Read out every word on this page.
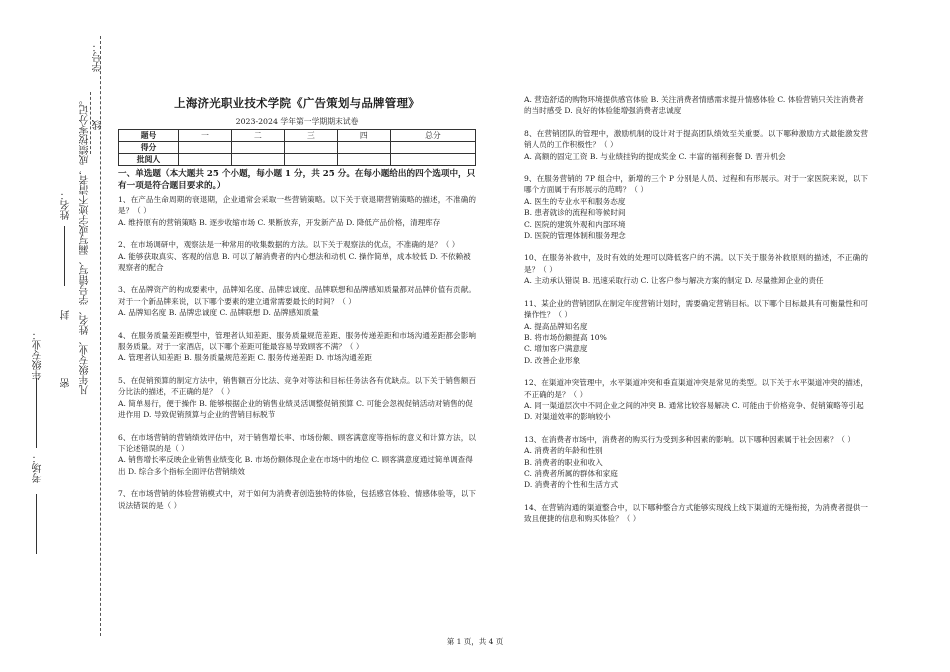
学号：
凡年级专业、姓名、学号错写、漏写或字迹不清者，成绩按零分记。 线
姓名：
封
年级专业：
密
考场：
上海济光职业技术学院《广告策划与品牌管理》
2023-2024 学年第一学期期末试卷
题号	一	二	三	四	总分
得分					
批阅人					
一、单选题（本大题共 25 个小题，每小题 1 分，共 25 分。在每小题给出的四个选项中，只有一项是符合题目要求的。）

1、在产品生命周期的衰退期，企业通常会采取一些营销策略。以下关于衰退期营销策略的描述，不准确的是？（ ）

A. 维持原有的营销策略 B. 逐步收缩市场 C. 果断放弃，开发新产品 D. 降低产品价格，清理库存

2、在市场调研中，观察法是一种常用的收集数据的方法。以下关于观察法的优点，不准确的是？（ ）

A. 能够获取真实、客观的信息 B. 可以了解消费者的内心想法和动机 C. 操作简单，成本较低 D. 不依赖被观察者的配合

3、在品牌资产的构成要素中，品牌知名度、品牌忠诚度、品牌联想和品牌感知质量都对品牌价值有贡献。对于一个新品牌来说，以下哪个要素的建立通常需要最长的时间？（ ）

A. 品牌知名度 B. 品牌忠诚度 C. 品牌联想 D. 品牌感知质量

4、在服务质量差距模型中，管理者认知差距、服务质量规范差距、服务传递差距和市场沟通差距都会影响服务质量。对于一家酒店，以下哪个差距可能最容易导致顾客不满？（ ）

A. 管理者认知差距 B. 服务质量规范差距 C. 服务传递差距 D. 市场沟通差距

5、在促销预算的制定方法中，销售额百分比法、竞争对等法和目标任务法各有优缺点。以下关于销售额百分比法的描述，不正确的是？（ ）

A. 简单易行，便于操作 B. 能够根据企业的销售业绩灵活调整促销预算 C. 可能会忽视促销活动对销售的促进作用 D. 导致促销预算与企业的营销目标脱节

6、在市场营销的营销绩效评估中，对于销售增长率、市场份额、顾客满意度等指标的意义和计算方法，以下论述错误的是（ ）

A. 销售增长率反映企业销售业绩变化 B. 市场份额体现企业在市场中的地位 C. 顾客满意度通过简单调查得出 D. 综合多个指标全面评估营销绩效

7、在市场营销的体验营销模式中，对于如何为消费者创造独特的体验，包括感官体验、情感体验等，以下说法错误的是（ ）

A. 营造舒适的购物环境提供感官体验 B. 关注消费者情感需求提升情感体验 C. 体验营销只关注消费者的当时感受 D. 良好的体验能增强消费者忠诚度

8、在营销团队的管理中，激励机制的设计对于提高团队绩效至关重要。以下哪种激励方式最能激发营销人员的工作积极性？（ ）

A. 高额的固定工资 B. 与业绩挂钩的提成奖金 C. 丰富的福利套餐 D. 晋升机会

9、在服务营销的 7P 组合中，新增的三个 P 分别是人员、过程和有形展示。对于一家医院来说，以下哪个方面属于有形展示的范畴？（ ）

A. 医生的专业水平和服务态度

B. 患者就诊的流程和等候时间

C. 医院的建筑外观和内部环境

D. 医院的管理体制和服务理念

10、在服务补救中，及时有效的处理可以降低客户的不满。以下关于服务补救原则的描述，不正确的是？（ ）

A. 主动承认错误 B. 迅速采取行动 C. 让客户参与解决方案的制定 D. 尽量推卸企业的责任

11、某企业的营销团队在制定年度营销计划时，需要确定营销目标。以下哪个目标最具有可衡量性和可操作性？（ ）

A. 提高品牌知名度

B. 将市场份额提高 10%

C. 增加客户满意度

D. 改善企业形象

12、在渠道冲突管理中，水平渠道冲突和垂直渠道冲突是常见的类型。以下关于水平渠道冲突的描述，不正确的是？（ ）

A. 同一渠道层次中不同企业之间的冲突 B. 通常比较容易解决 C. 可能由于价格竞争、促销策略等引起 D. 对渠道效率的影响较小

13、在消费者市场中，消费者的购买行为受到多种因素的影响。以下哪种因素属于社会因素？（ ）

A. 消费者的年龄和性别

B. 消费者的职业和收入

C. 消费者所属的群体和家庭

D. 消费者的个性和生活方式

14、在营销沟通的渠道整合中，以下哪种整合方式能够实现线上线下渠道的无缝衔接，为消费者提供一致且便捷的信息和购买体验？（ ）

第 1 页，共 4 页
